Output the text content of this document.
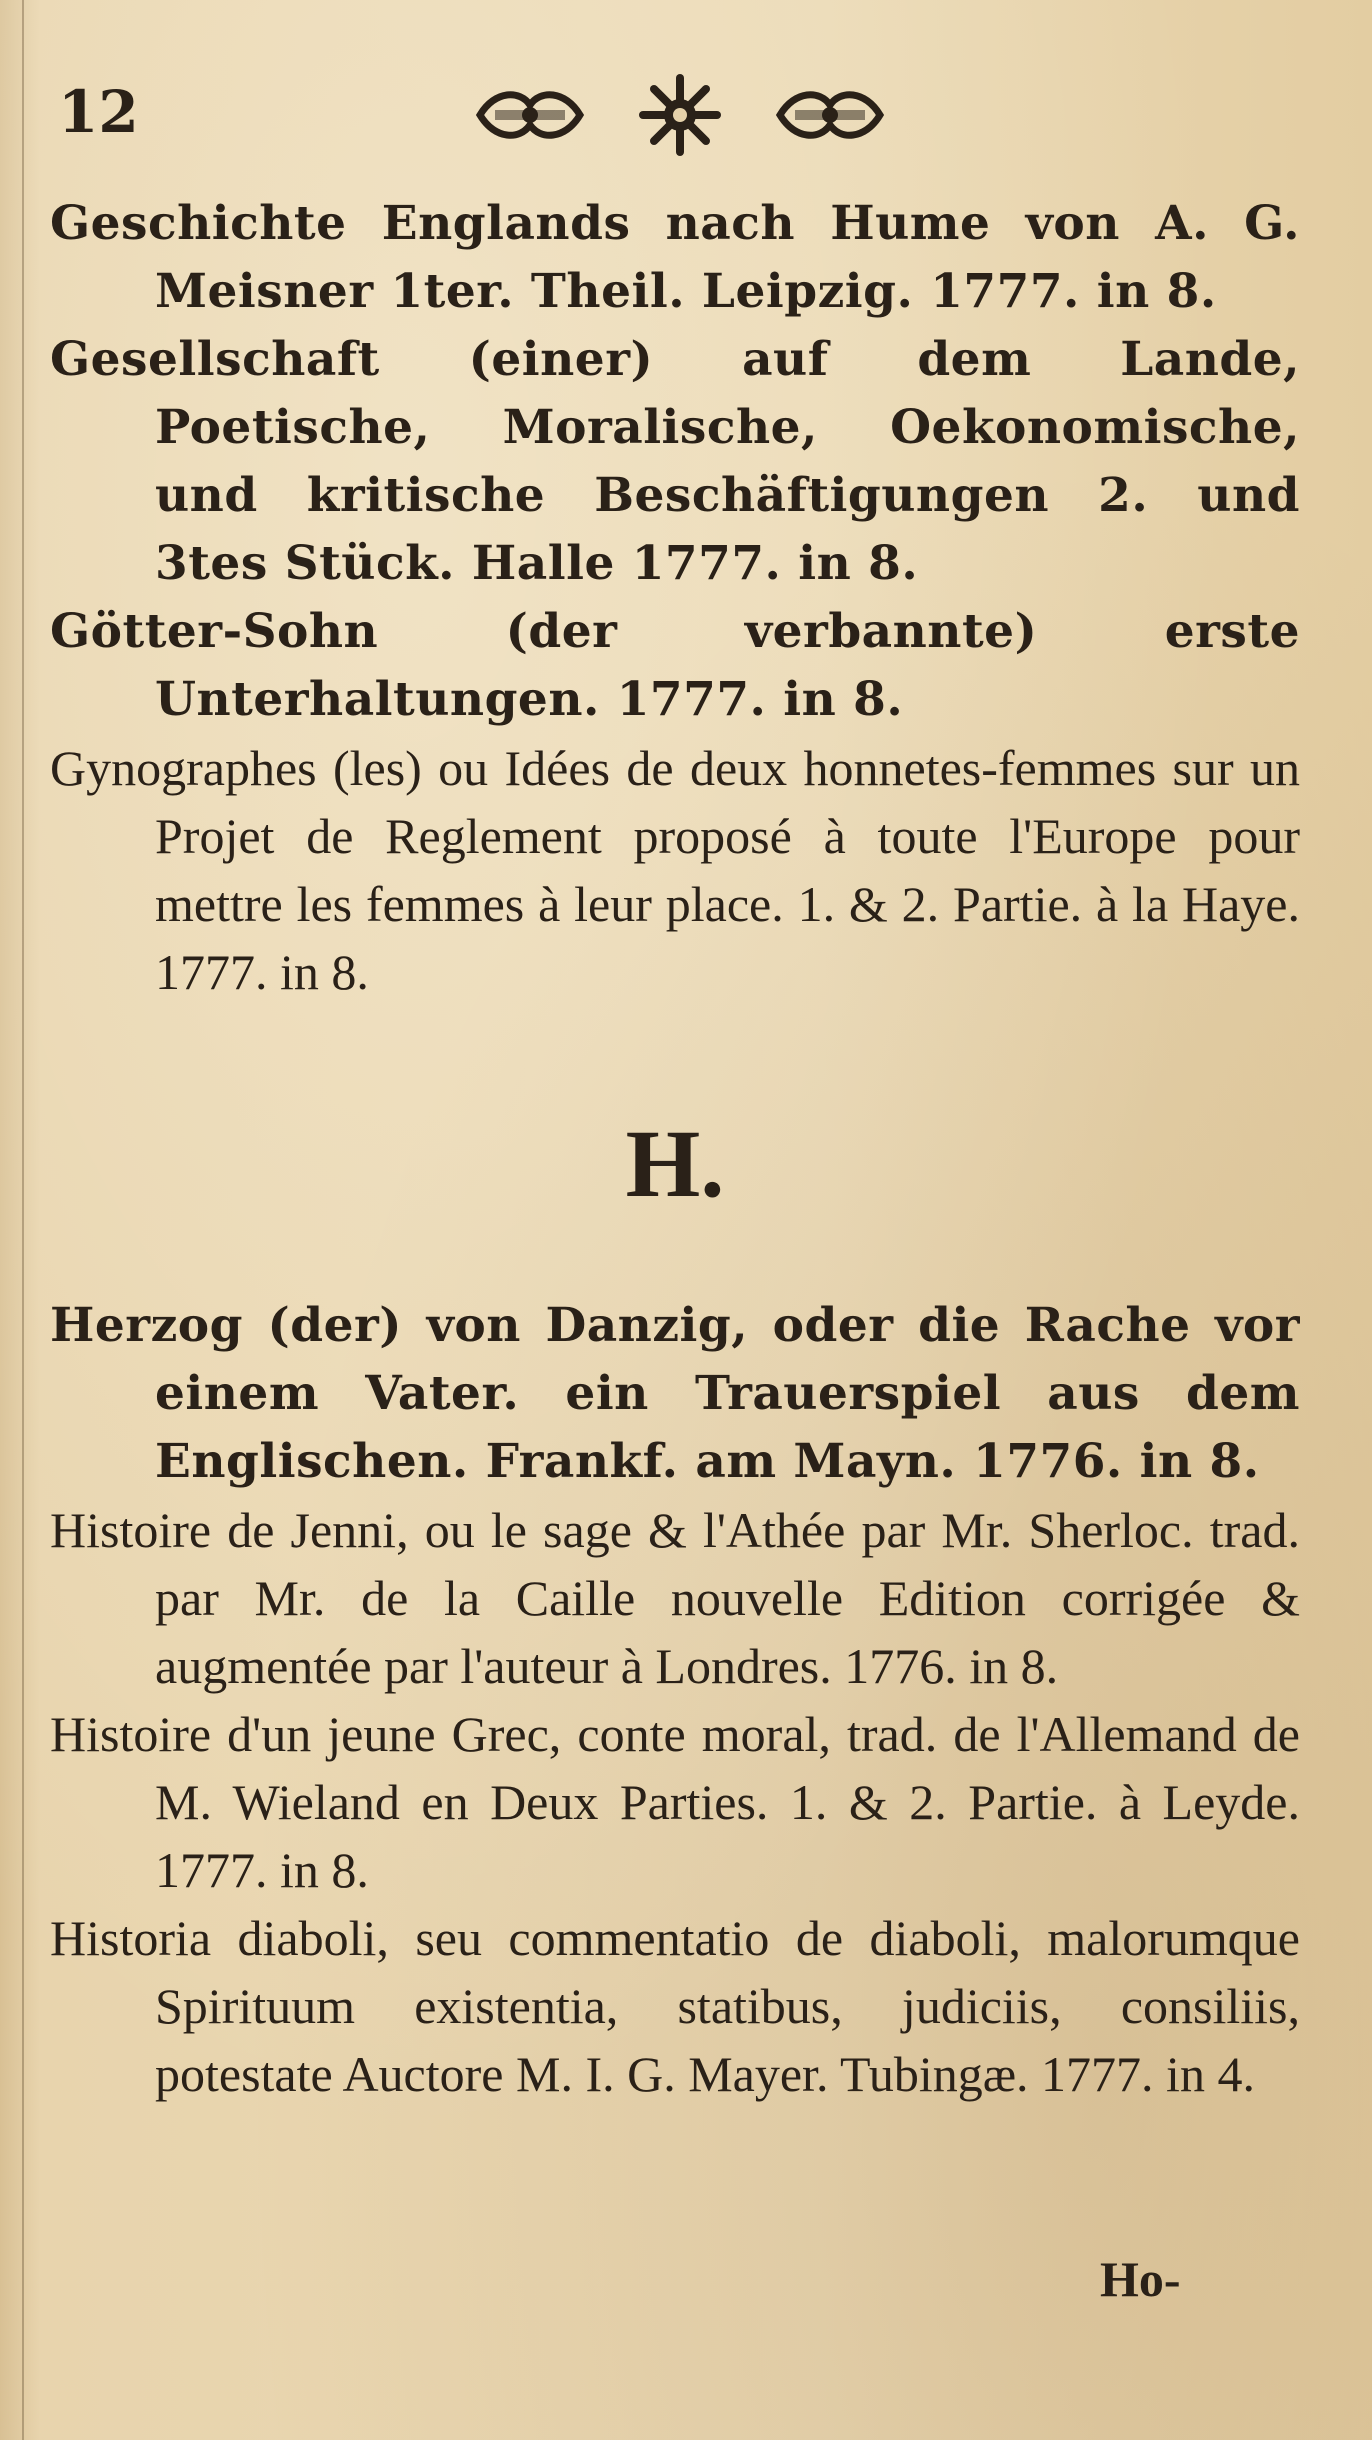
12

Geschichte Englands nach Hume von A. G. Meisner 1ter. Theil. Leipzig. 1777. in 8.

Gesellschaft (einer) auf dem Lande, Poetische, Moralische, Oekonomische, und kritische Beschäftigungen 2. und 3tes Stück. Halle 1777. in 8.

Götter-Sohn (der verbannte) erste Unterhaltungen. 1777. in 8.

Gynographes (les) ou Idées de deux honnetes-femmes sur un Projet de Reglement proposé à toute l'Europe pour mettre les femmes à leur place. 1. & 2. Partie. à la Haye. 1777. in 8.

H.

Herzog (der) von Danzig, oder die Rache vor einem Vater. ein Trauerspiel aus dem Englischen. Frankf. am Mayn. 1776. in 8.

Histoire de Jenni, ou le sage & l'Athée par Mr. Sherloc. trad. par Mr. de la Caille nouvelle Edition corrigée & augmentée par l'auteur à Londres. 1776. in 8.

Histoire d'un jeune Grec, conte moral, trad. de l'Allemand de M. Wieland en Deux Parties. 1. & 2. Partie. à Leyde. 1777. in 8.

Historia diaboli, seu commentatio de diaboli, malorumque Spirituum existentia, statibus, judiciis, consiliis, potestate Auctore M. I. G. Mayer. Tubingæ. 1777. in 4.

Ho-
